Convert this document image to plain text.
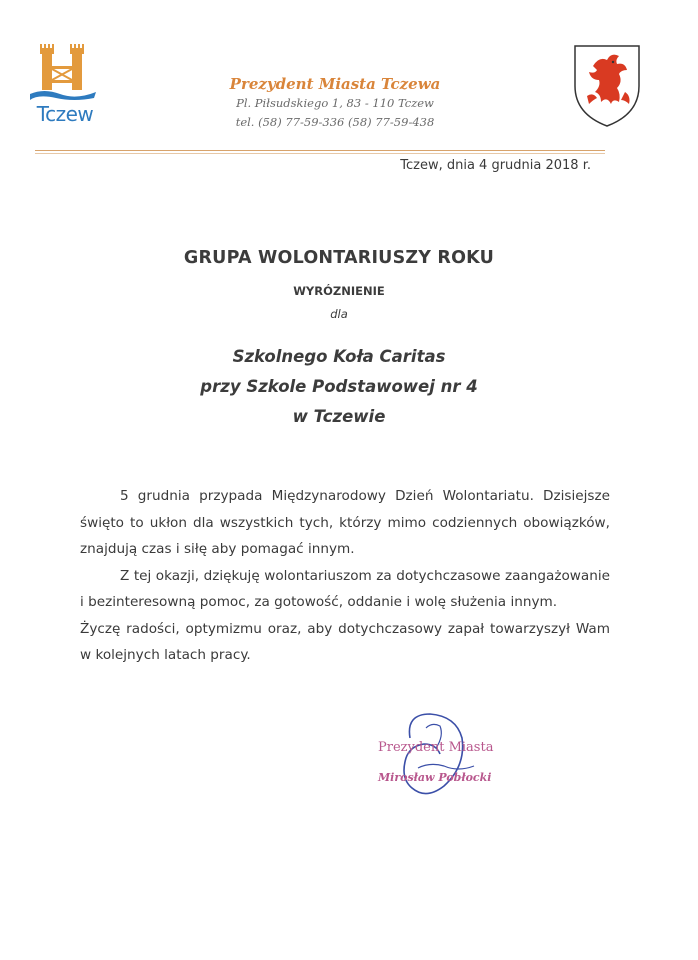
Tczew
Prezydent Miasta Tczewa
Pl. Piłsudskiego 1, 83 - 110 Tczew
tel. (58) 77-59-336 (58) 77-59-438
Tczew, dnia 4 grudnia 2018 r.
GRUPA WOLONTARIUSZY ROKU
WYRÓZNIENIE
dla
Szkolnego Koła Caritas
przy Szkole Podstawowej nr 4
w Tczewie

5 grudnia przypada Międzynarodowy Dzień Wolontariatu. Dzisiejsze święto to ukłon dla wszystkich tych, którzy mimo codziennych obowiązków, znajdują czas i siłę aby pomagać innym.

Z tej okazji, dziękuję wolontariuszom za dotychczasowe zaangażowanie i bezinteresowną pomoc, za gotowość, oddanie i wolę służenia innym.

Życzę radości, optymizmu oraz, aby dotychczasowy zapał towarzyszył Wam w kolejnych latach pracy.

Prezydent Miasta
Mirosław Pobłocki
